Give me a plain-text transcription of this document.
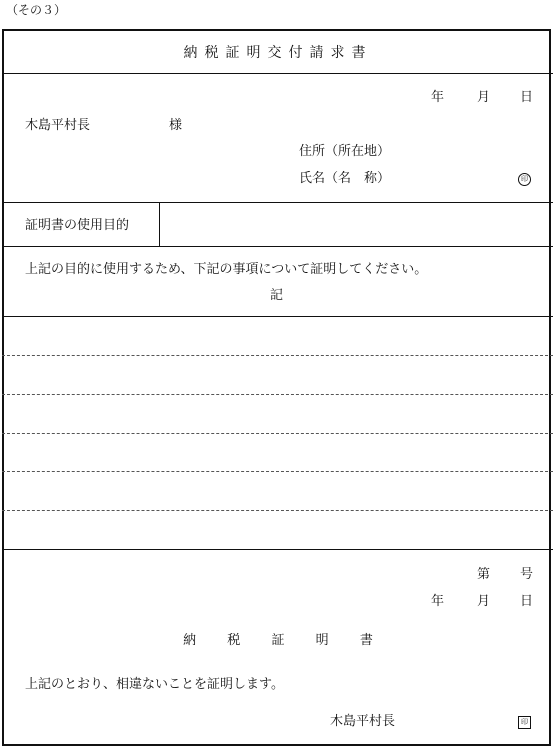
（その３）
納税証明交付請求書
年	月 日
木島平村長	様
住所（所在地）
氏名（名　称）	印
証明書の使用目的
上記の目的に使用するため、下記の事項について証明してください。
記
第 号
年	月 日
納税証明書
上記のとおり、相違ないことを証明します。
木島平村長	印
